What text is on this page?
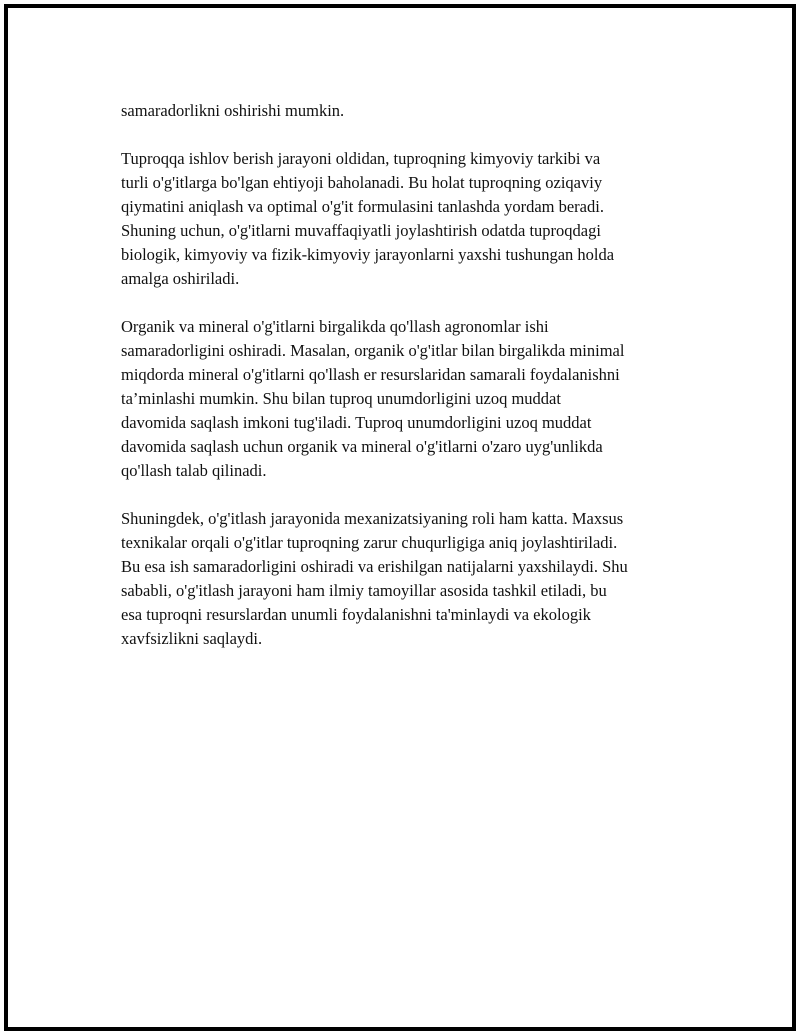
samaradorlikni oshirishi mumkin.

Tuproqqa ishlov berish jarayoni oldidan, tuproqning kimyoviy tarkibi va
turli o'g'itlarga bo'lgan ehtiyoji baholanadi. Bu holat tuproqning oziqaviy
qiymatini aniqlash va optimal o'g'it formulasini tanlashda yordam beradi.
Shuning uchun, o'g'itlarni muvaffaqiyatli joylashtirish odatda tuproqdagi
biologik, kimyoviy va fizik-kimyoviy jarayonlarni yaxshi tushungan holda
amalga oshiriladi.

Organik va mineral o'g'itlarni birgalikda qo'llash agronomlar ishi
samaradorligini oshiradi. Masalan, organik o'g'itlar bilan birgalikda minimal
miqdorda mineral o'g'itlarni qo'llash er resurslaridan samarali foydalanishni
ta’minlashi mumkin. Shu bilan tuproq unumdorligini uzoq muddat
davomida saqlash imkoni tug'iladi. Tuproq unumdorligini uzoq muddat
davomida saqlash uchun organik va mineral o'g'itlarni o'zaro uyg'unlikda
qo'llash talab qilinadi.

Shuningdek, o'g'itlash jarayonida mexanizatsiyaning roli ham katta. Maxsus
texnikalar orqali o'g'itlar tuproqning zarur chuqurligiga aniq joylashtiriladi.
Bu esa ish samaradorligini oshiradi va erishilgan natijalarni yaxshilaydi. Shu
sababli, o'g'itlash jarayoni ham ilmiy tamoyillar asosida tashkil etiladi, bu
esa tuproqni resurslardan unumli foydalanishni ta'minlaydi va ekologik
xavfsizlikni saqlaydi.
